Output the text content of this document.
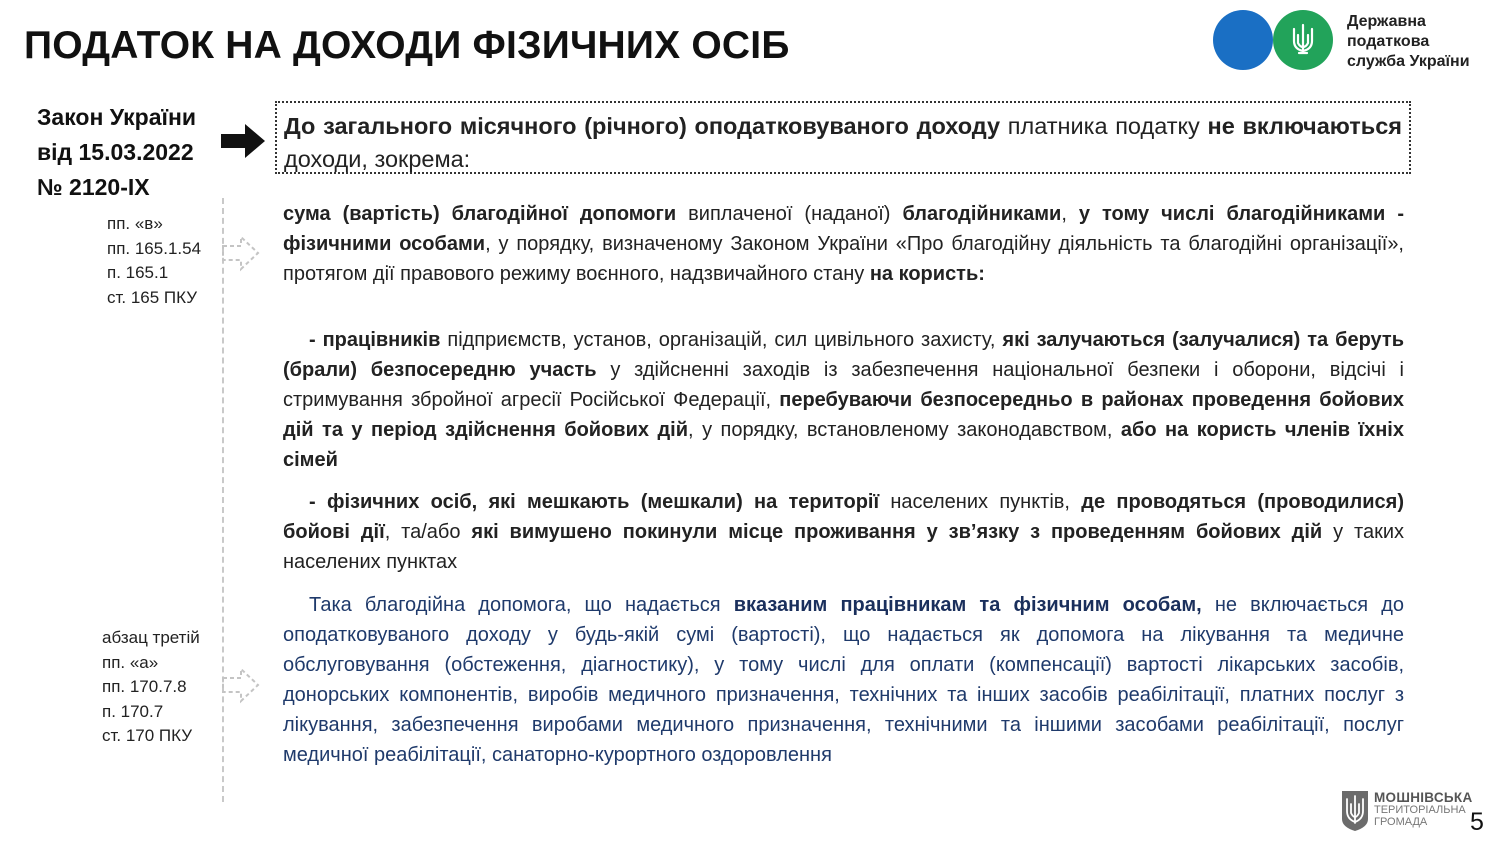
ПОДАТОК НА ДОХОДИ ФІЗИЧНИХ ОСІБ
Державна
податкова
служба України
Закон України
від 15.03.2022
№ 2120-IX
пп. «в»
пп. 165.1.54
п. 165.1
ст. 165 ПКУ
абзац третій
пп. «а»
пп. 170.7.8
п. 170.7
ст. 170 ПКУ
До загального місячного (річного) оподатковуваного доходу платника податку не включаються доходи, зокрема:
сума (вартість) благодійної допомоги виплаченої (наданої) благодійниками, у тому числі благодійниками - фізичними особами, у порядку, визначеному Законом України «Про благодійну діяльність та благодійні організації», протягом дії правового режиму воєнного, надзвичайного стану на користь:
- працівників підприємств, установ, організацій, сил цивільного захисту, які залучаються (залучалися) та беруть (брали) безпосередню участь у здійсненні заходів із забезпечення національної безпеки і оборони, відсічі і стримування збройної агресії Російської Федерації, перебуваючи безпосередньо в районах проведення бойових дій та у період здійснення бойових дій, у порядку, встановленому законодавством, або на користь членів їхніх сімей
- фізичних осіб, які мешкають (мешкали) на території населених пунктів, де проводяться (проводилися) бойові дії, та/або які вимушено покинули місце проживання у зв’язку з проведенням бойових дій у таких населених пунктах
Така благодійна допомога, що надається вказаним працівникам та фізичним особам, не включається до оподатковуваного доходу у будь-якій сумі (вартості), що надається як допомога на лікування та медичне обслуговування (обстеження, діагностику), у тому числі для оплати (компенсації) вартості лікарських засобів, донорських компонентів, виробів медичного призначення, технічних та інших засобів реабілітації, платних послуг з лікування, забезпечення виробами медичного призначення, технічними та іншими засобами реабілітації, послуг медичної реабілітації, санаторно-курортного оздоровлення
МОШНІВСЬКА
ТЕРИТОРІАЛЬНА
ГРОМАДА	5
